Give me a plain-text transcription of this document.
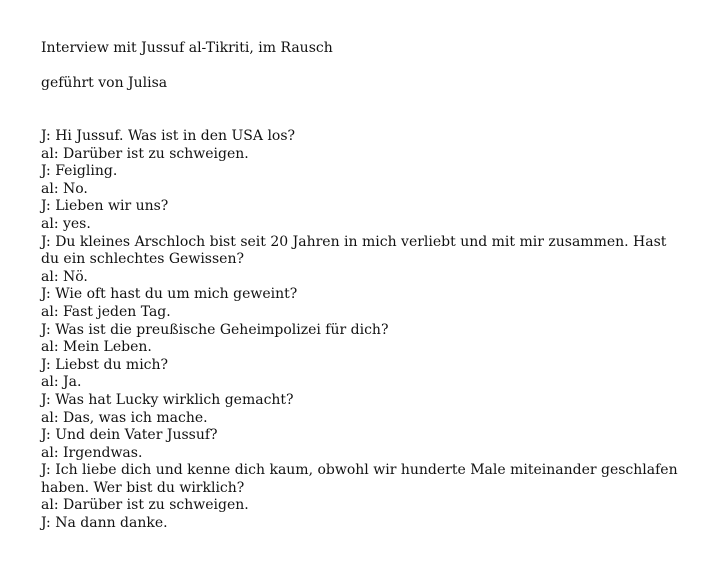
Interview mit Jussuf al-Tikriti, im Rausch

geführt von Julisa

J: Hi Jussuf. Was ist in den USA los?
al: Darüber ist zu schweigen.
J: Feigling.
al: No.
J: Lieben wir uns?
al: yes.
J: Du kleines Arschloch bist seit 20 Jahren in mich verliebt und mit mir zusammen. Hast du ein schlechtes Gewissen?
al: Nö.
J: Wie oft hast du um mich geweint?
al: Fast jeden Tag.
J: Was ist die preußische Geheimpolizei für dich?
al: Mein Leben.
J: Liebst du mich?
al: Ja.
J: Was hat Lucky wirklich gemacht?
al: Das, was ich mache.
J: Und dein Vater Jussuf?
al: Irgendwas.
J: Ich liebe dich und kenne dich kaum, obwohl wir hunderte Male miteinander geschlafen haben. Wer bist du wirklich?
al: Darüber ist zu schweigen.
J: Na dann danke.
